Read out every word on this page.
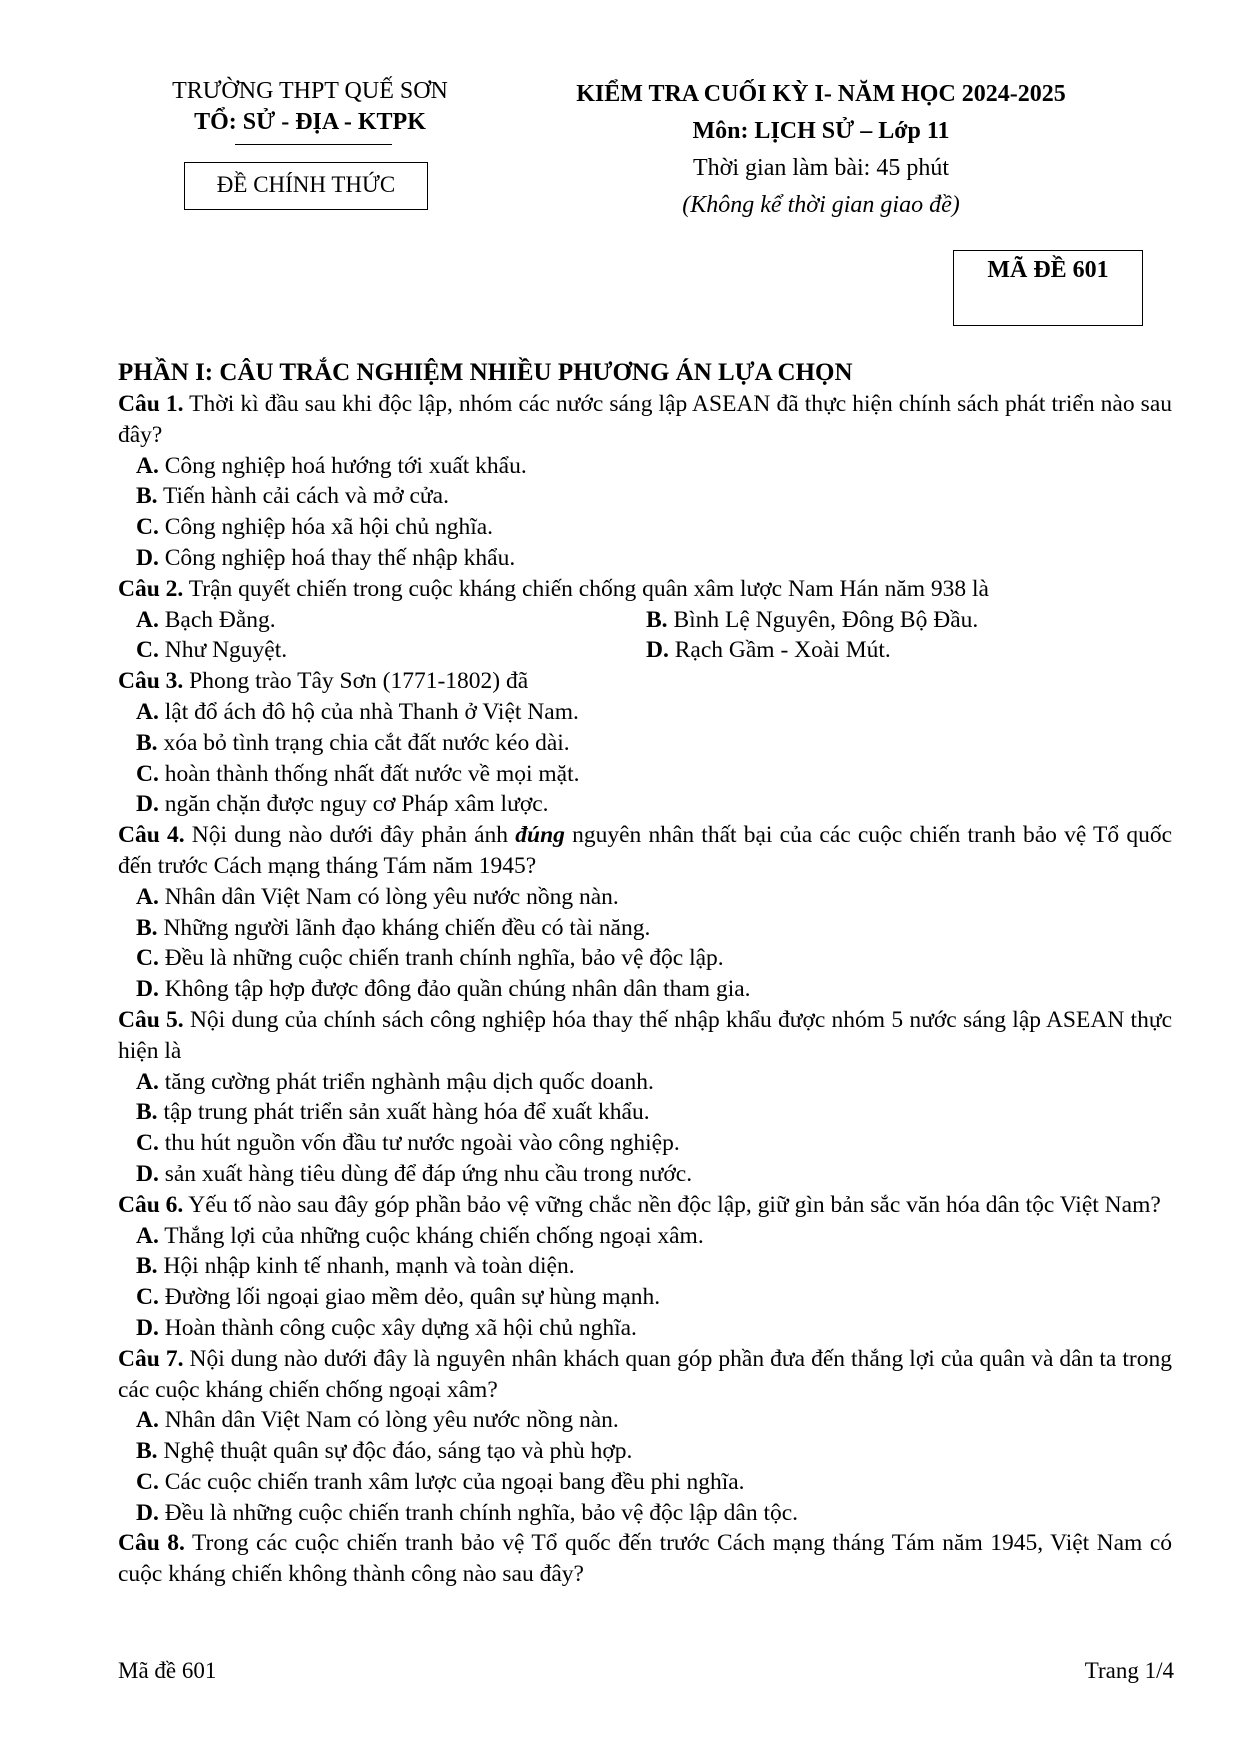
TRƯỜNG THPT QUẾ SƠN
TỔ: SỬ - ĐỊA - KTPK
ĐỀ CHÍNH THỨC
KIỂM TRA CUỐI KỲ I- NĂM HỌC 2024-2025
Môn: LỊCH SỬ – Lớp 11
Thời gian làm bài: 45 phút
(Không kể thời gian giao đề)
MÃ ĐỀ 601
PHẦN I: CÂU TRẮC NGHIỆM NHIỀU PHƯƠNG ÁN LỰA CHỌN
Câu 1. Thời kì đầu sau khi độc lập, nhóm các nước sáng lập ASEAN đã thực hiện chính sách phát triển nào sau đây?
A. Công nghiệp hoá hướng tới xuất khẩu.
B. Tiến hành cải cách và mở cửa.
C. Công nghiệp hóa xã hội chủ nghĩa.
D. Công nghiệp hoá thay thế nhập khẩu.
Câu 2. Trận quyết chiến trong cuộc kháng chiến chống quân xâm lược Nam Hán năm 938 là
A. Bạch Đằng.	B. Bình Lệ Nguyên, Đông Bộ Đầu.
C. Như Nguyệt.	D. Rạch Gầm - Xoài Mút.
Câu 3. Phong trào Tây Sơn (1771-1802) đã
A. lật đổ ách đô hộ của nhà Thanh ở Việt Nam.
B. xóa bỏ tình trạng chia cắt đất nước kéo dài.
C. hoàn thành thống nhất đất nước về mọi mặt.
D. ngăn chặn được nguy cơ Pháp xâm lược.
Câu 4. Nội dung nào dưới đây phản ánh đúng nguyên nhân thất bại của các cuộc chiến tranh bảo vệ Tổ quốc đến trước Cách mạng tháng Tám năm 1945?
A. Nhân dân Việt Nam có lòng yêu nước nồng nàn.
B. Những người lãnh đạo kháng chiến đều có tài năng.
C. Đều là những cuộc chiến tranh chính nghĩa, bảo vệ độc lập.
D. Không tập hợp được đông đảo quần chúng nhân dân tham gia.
Câu 5. Nội dung của chính sách công nghiệp hóa thay thế nhập khẩu được nhóm 5 nước sáng lập ASEAN thực hiện là
A. tăng cường phát triển nghành mậu dịch quốc doanh.
B. tập trung phát triển sản xuất hàng hóa để xuất khẩu.
C. thu hút nguồn vốn đầu tư nước ngoài vào công nghiệp.
D. sản xuất hàng tiêu dùng để đáp ứng nhu cầu trong nước.
Câu 6. Yếu tố nào sau đây góp phần bảo vệ vững chắc nền độc lập, giữ gìn bản sắc văn hóa dân tộc Việt Nam?
A. Thắng lợi của những cuộc kháng chiến chống ngoại xâm.
B. Hội nhập kinh tế nhanh, mạnh và toàn diện.
C. Đường lối ngoại giao mềm dẻo, quân sự hùng mạnh.
D. Hoàn thành công cuộc xây dựng xã hội chủ nghĩa.
Câu 7. Nội dung nào dưới đây là nguyên nhân khách quan góp phần đưa đến thắng lợi của quân và dân ta trong các cuộc kháng chiến chống ngoại xâm?
A. Nhân dân Việt Nam có lòng yêu nước nồng nàn.
B. Nghệ thuật quân sự độc đáo, sáng tạo và phù hợp.
C. Các cuộc chiến tranh xâm lược của ngoại bang đều phi nghĩa.
D. Đều là những cuộc chiến tranh chính nghĩa, bảo vệ độc lập dân tộc.
Câu 8. Trong các cuộc chiến tranh bảo vệ Tổ quốc đến trước Cách mạng tháng Tám năm 1945, Việt Nam có cuộc kháng chiến không thành công nào sau đây?
Mã đề 601	Trang 1/4
